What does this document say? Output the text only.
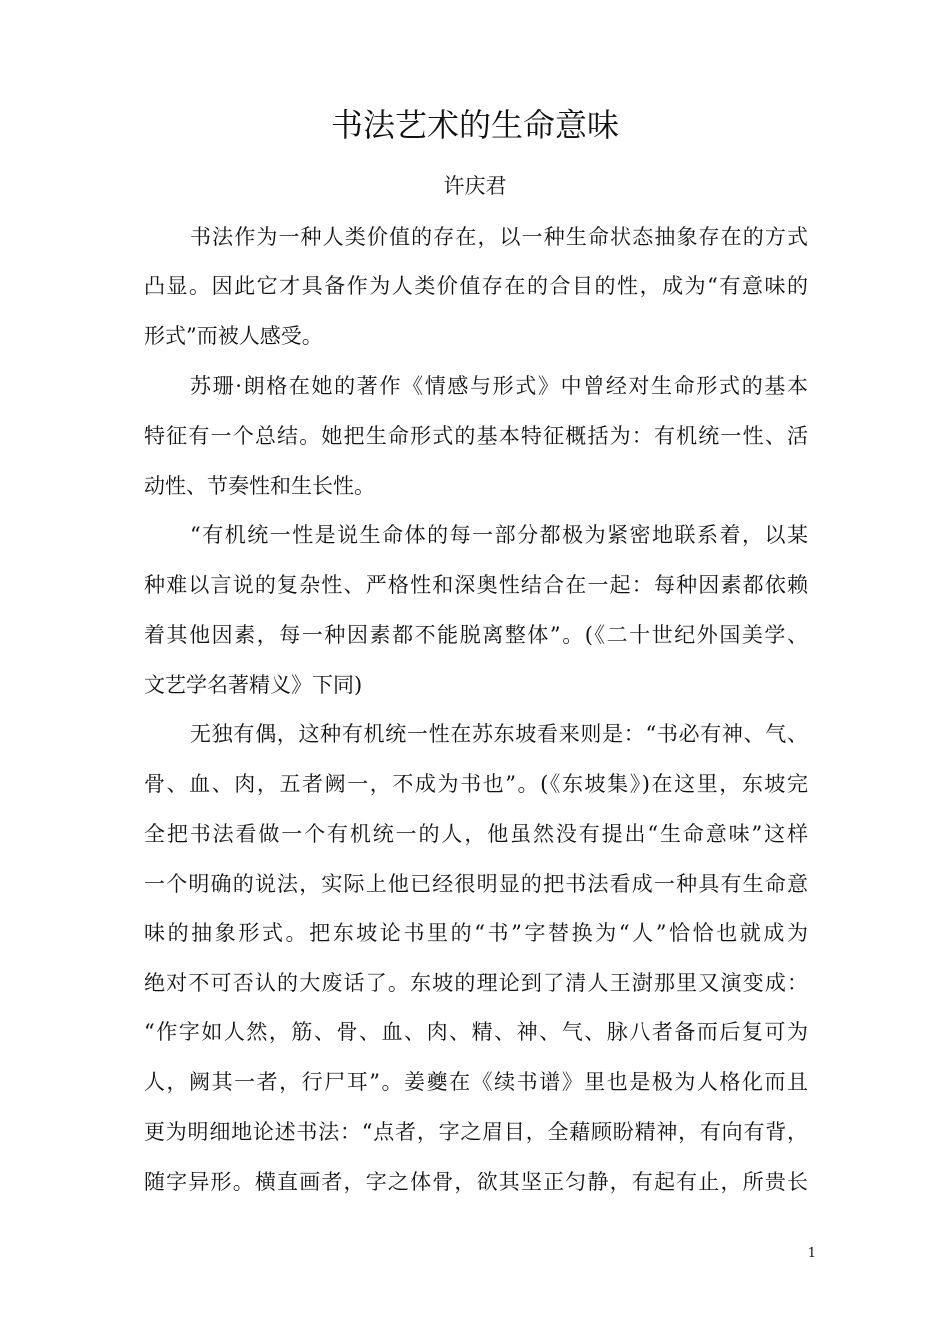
书法艺术的生命意味
许庆君
书法作为一种人类价值的存在，以一种生命状态抽象存在的方式
凸显。因此它才具备作为人类价值存在的合目的性，成为“有意味的
形式”而被人感受。
苏珊·朗格在她的著作《情感与形式》中曾经对生命形式的基本
特征有一个总结。她把生命形式的基本特征概括为：有机统一性、活
动性、节奏性和生长性。
“有机统一性是说生命体的每一部分都极为紧密地联系着，以某
种难以言说的复杂性、严格性和深奥性结合在一起：每种因素都依赖
着其他因素，每一种因素都不能脱离整体”。(《二十世纪外国美学、
文艺学名著精义》下同)
无独有偶，这种有机统一性在苏东坡看来则是：“书必有神、气、
骨、血、肉，五者阙一，不成为书也”。(《东坡集》)在这里，东坡完
全把书法看做一个有机统一的人，他虽然没有提出“生命意味”这样
一个明确的说法，实际上他已经很明显的把书法看成一种具有生命意
味的抽象形式。把东坡论书里的“书”字替换为“人”恰恰也就成为
绝对不可否认的大废话了。东坡的理论到了清人王澍那里又演变成：
“作字如人然，筋、骨、血、肉、精、神、气、脉八者备而后复可为
人，阙其一者，行尸耳”。姜夔在《续书谱》里也是极为人格化而且
更为明细地论述书法：“点者，字之眉目，全藉顾盼精神，有向有背，
随字异形。横直画者，字之体骨，欲其坚正匀静，有起有止，所贵长
1
